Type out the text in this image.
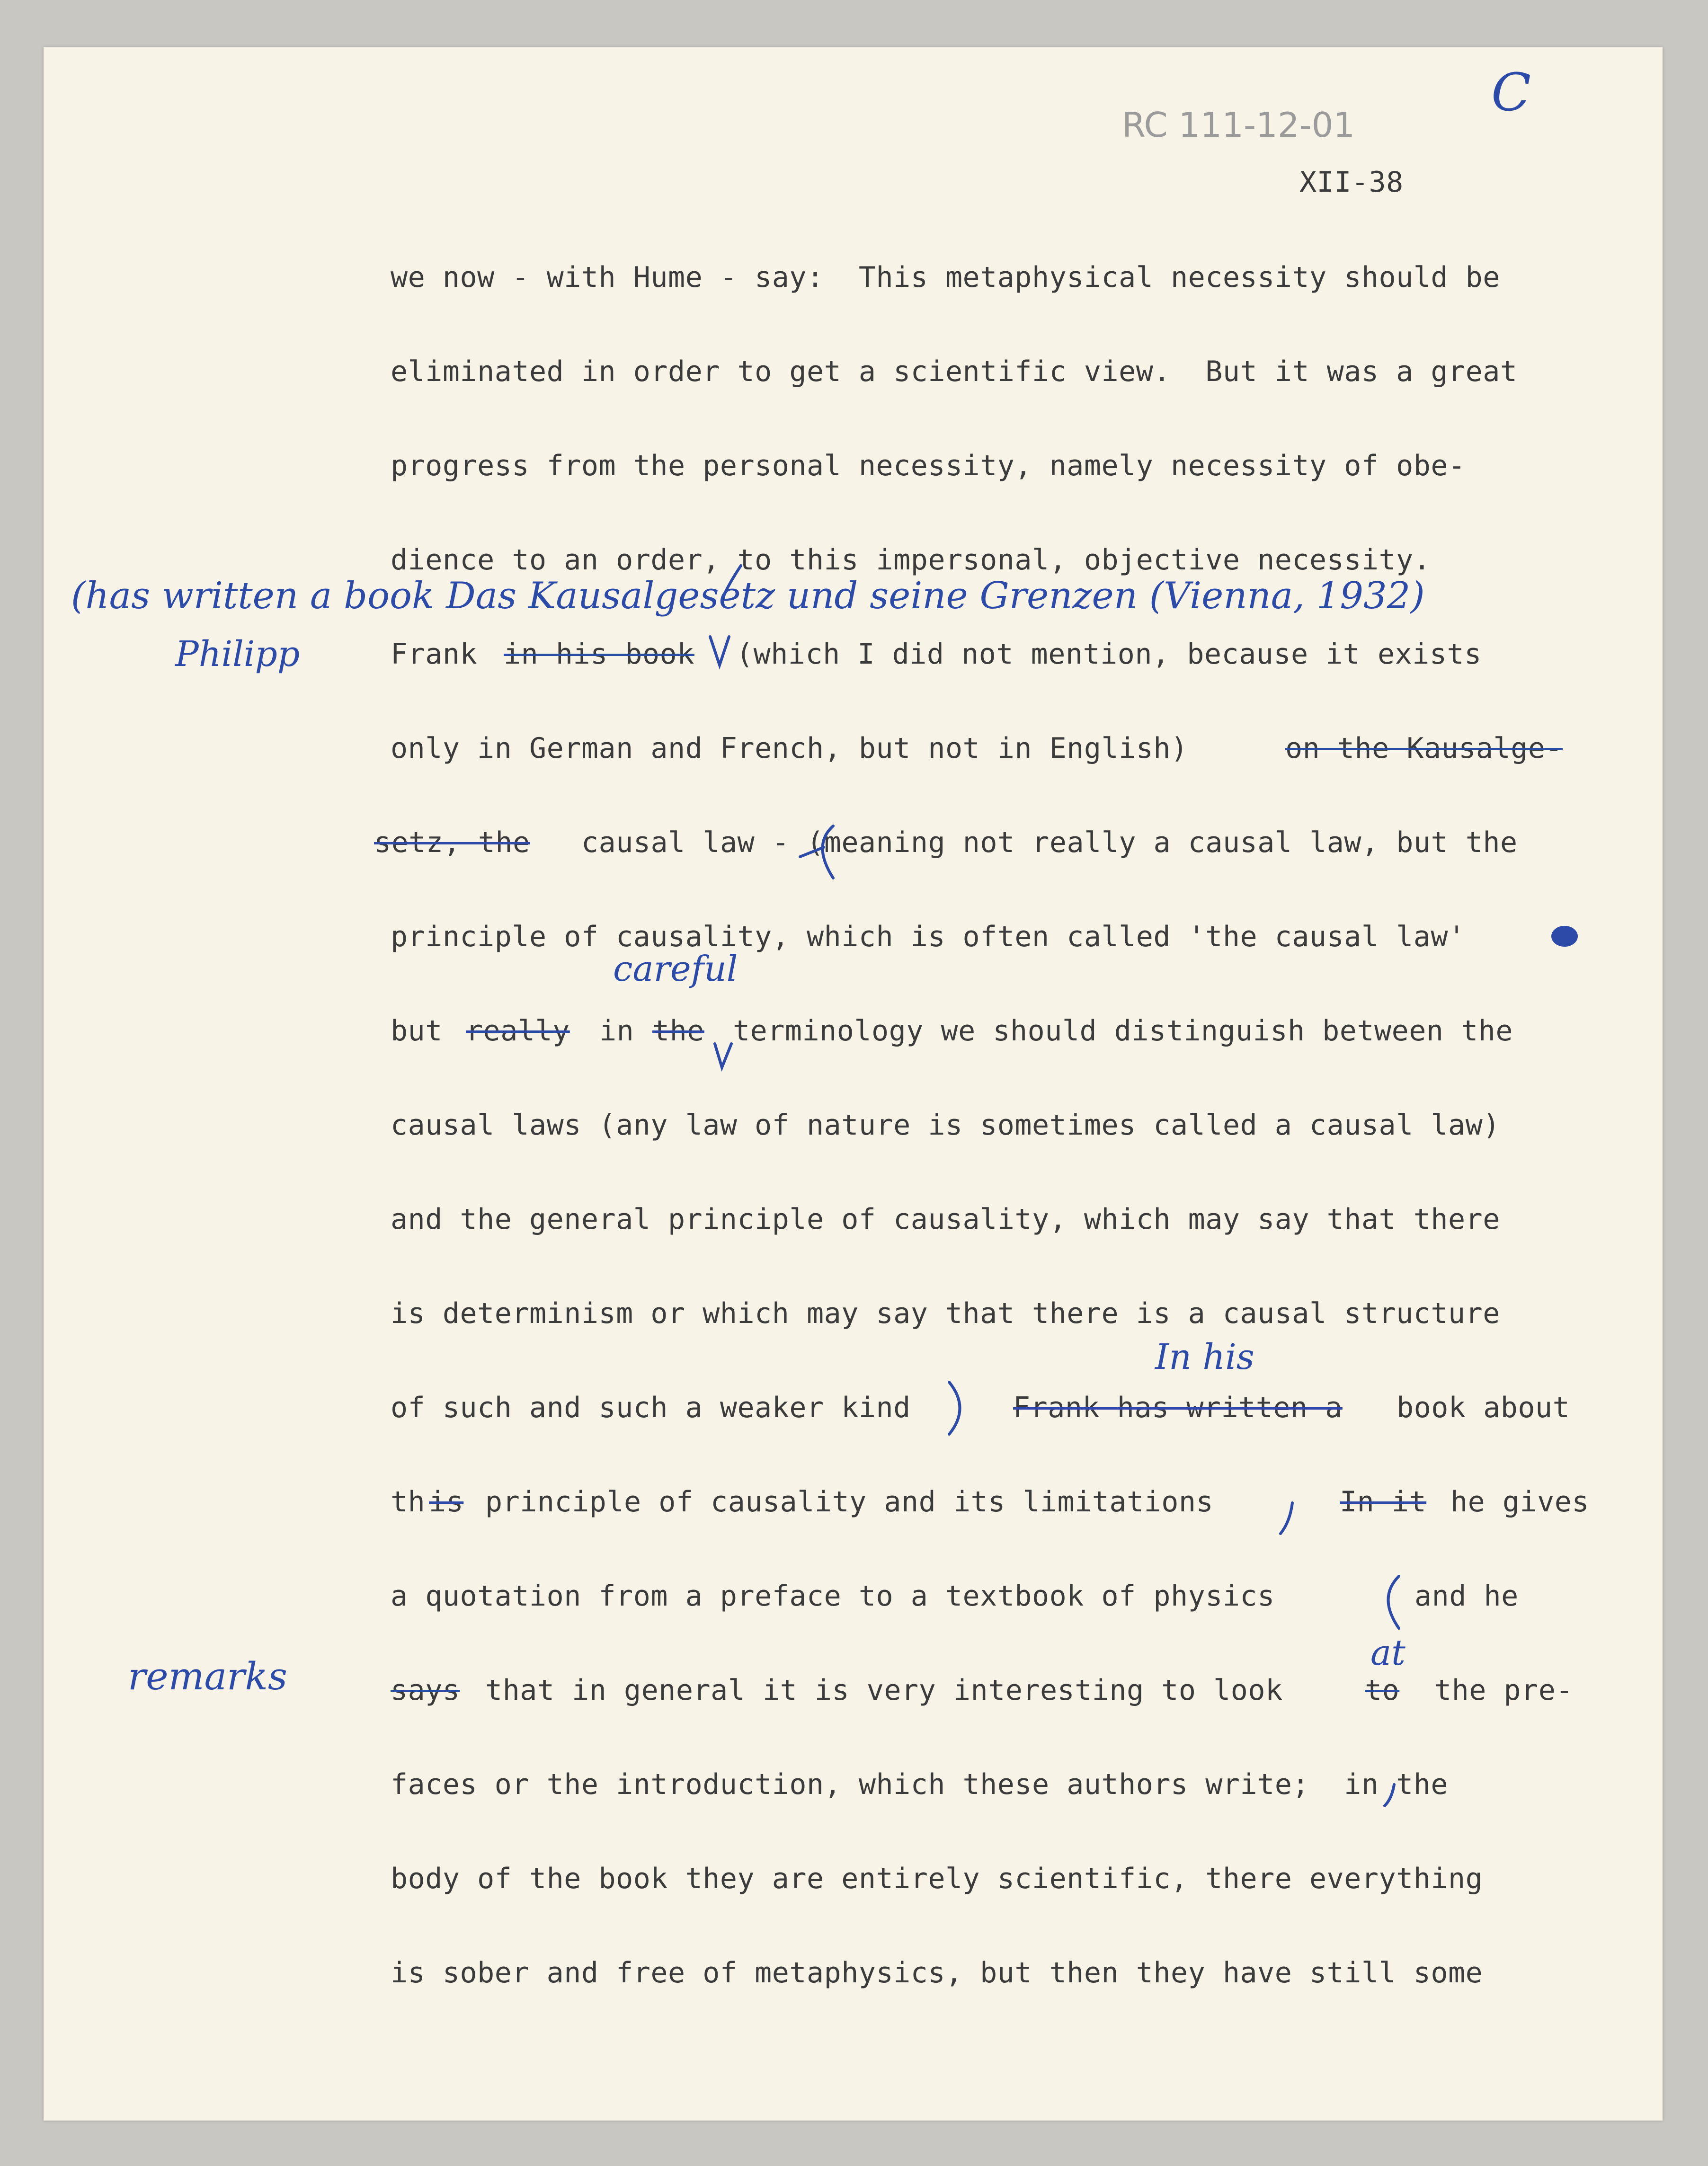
RC 111-12-01
C
XII-38
we now - with Hume - say:  This metaphysical necessity should be
eliminated in order to get a scientific view.  But it was a great
progress from the personal necessity, namely necessity of obe-
dience to an order, to this impersonal, objective necessity.
Frank in his book (which I did not mention, because it exists
only in German and French, but not in English)	on the Kausalge-
setz, the causal law - (meaning not really a causal law, but the
principle of causality, which is often called 'the causal law'
but really in the terminology we should distinguish between the
causal laws (any law of nature is sometimes called a causal law)
and the general principle of causality, which may say that there
is determinism or which may say that there is a causal structure
of such and such a weaker kind	Frank has written a book about
th is principle of causality and its limitations	In it he gives
a quotation from a preface to a textbook of physics	and he
says that in general it is very interesting to look	to the pre-
faces or the introduction, which these authors write;  in the
body of the book they are entirely scientific, there everything
is sober and free of metaphysics, but then they have still some
(has written a book Das Kausalgesetz und seine Grenzen (Vienna, 1932)
Philipp
careful
In his
at
remarks
